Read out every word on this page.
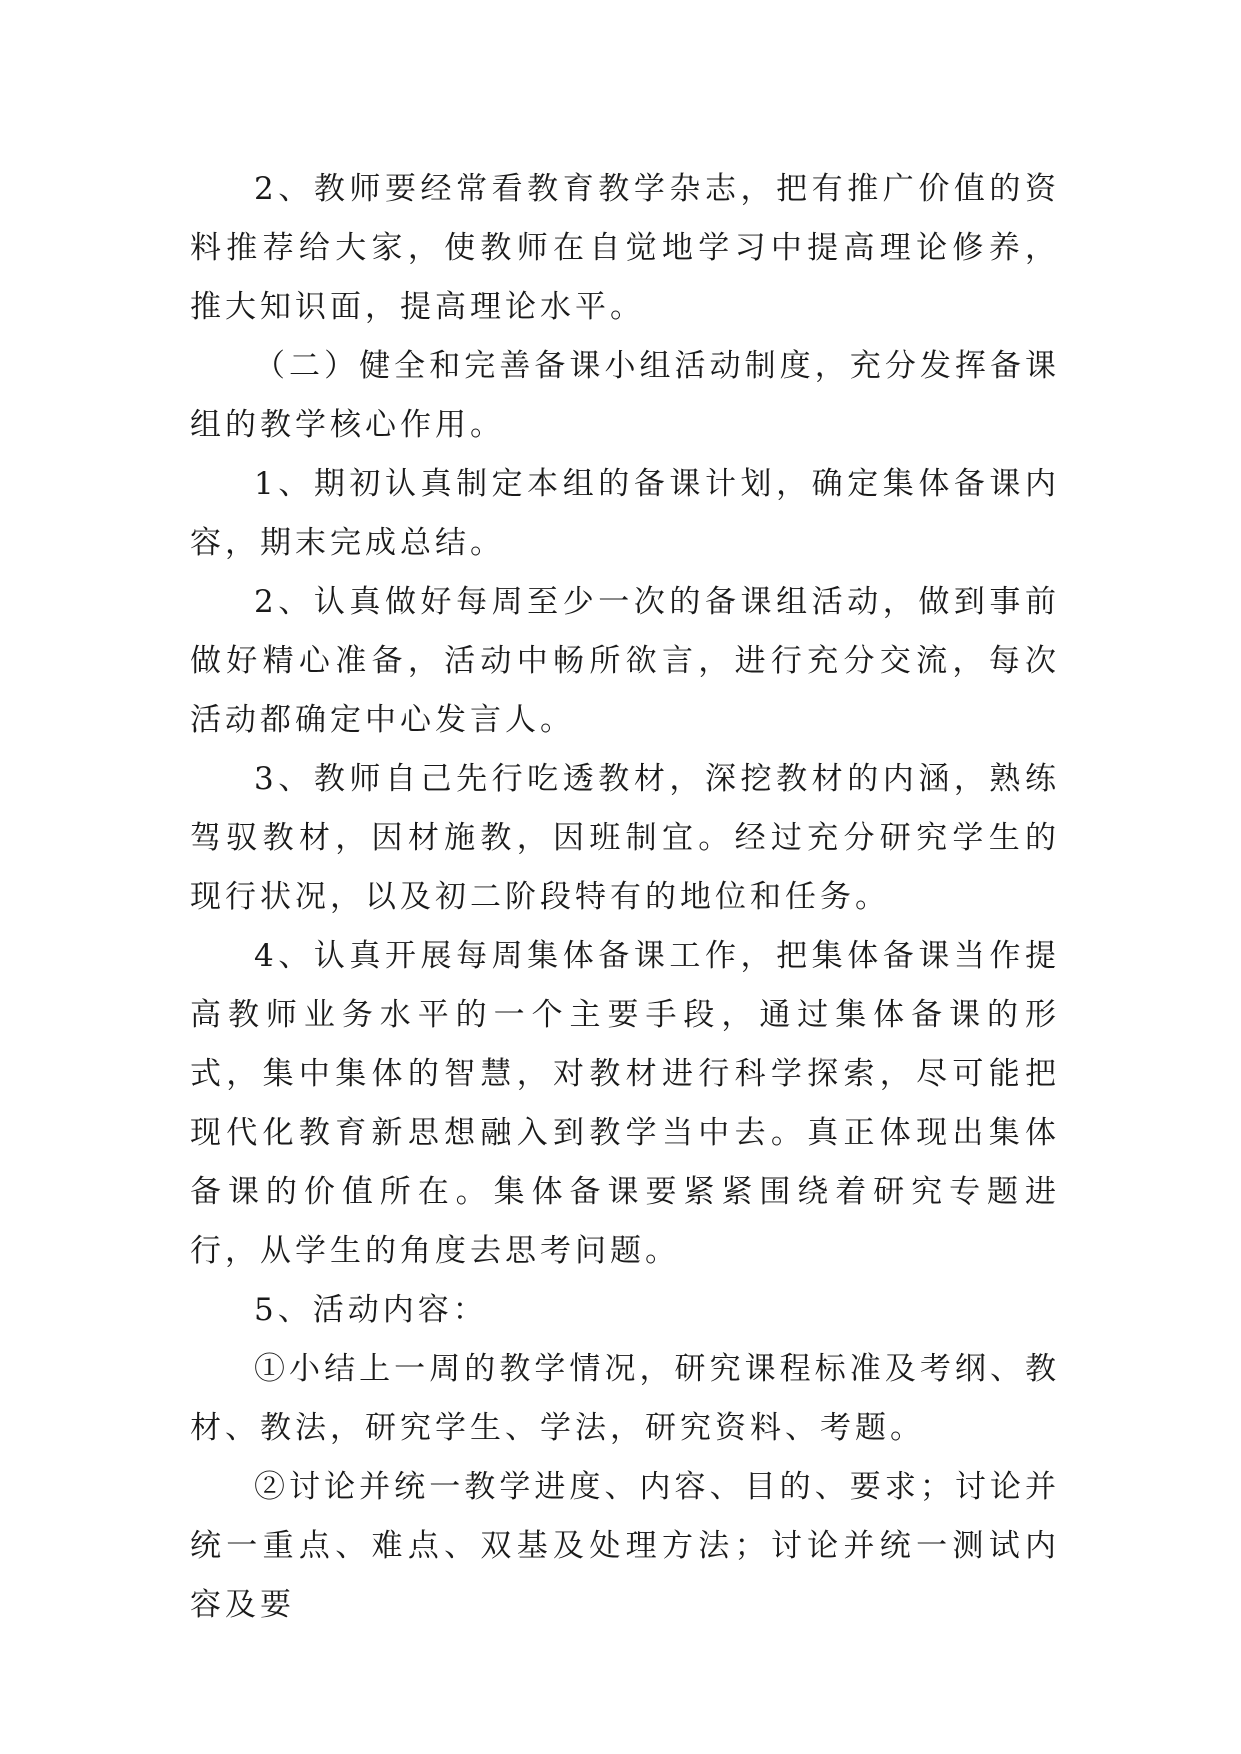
2、教师要经常看教育教学杂志，把有推广价值的资料推荐给大家，使教师在自觉地学习中提高理论修养，推大知识面，提高理论水平。

（二）健全和完善备课小组活动制度，充分发挥备课组的教学核心作用。

1、期初认真制定本组的备课计划，确定集体备课内容，期末完成总结。

2、认真做好每周至少一次的备课组活动，做到事前做好精心准备，活动中畅所欲言，进行充分交流，每次活动都确定中心发言人。

3、教师自己先行吃透教材，深挖教材的内涵，熟练驾驭教材，因材施教，因班制宜。经过充分研究学生的现行状况，以及初二阶段特有的地位和任务。

4、认真开展每周集体备课工作，把集体备课当作提高教师业务水平的一个主要手段，通过集体备课的形式，集中集体的智慧，对教材进行科学探索，尽可能把现代化教育新思想融入到教学当中去。真正体现出集体备课的价值所在。集体备课要紧紧围绕着研究专题进行，从学生的角度去思考问题。

5、活动内容：

①小结上一周的教学情况，研究课程标准及考纲、教材、教法，研究学生、学法，研究资料、考题。

②讨论并统一教学进度、内容、目的、要求；讨论并统一重点、难点、双基及处理方法；讨论并统一测试内容及要
